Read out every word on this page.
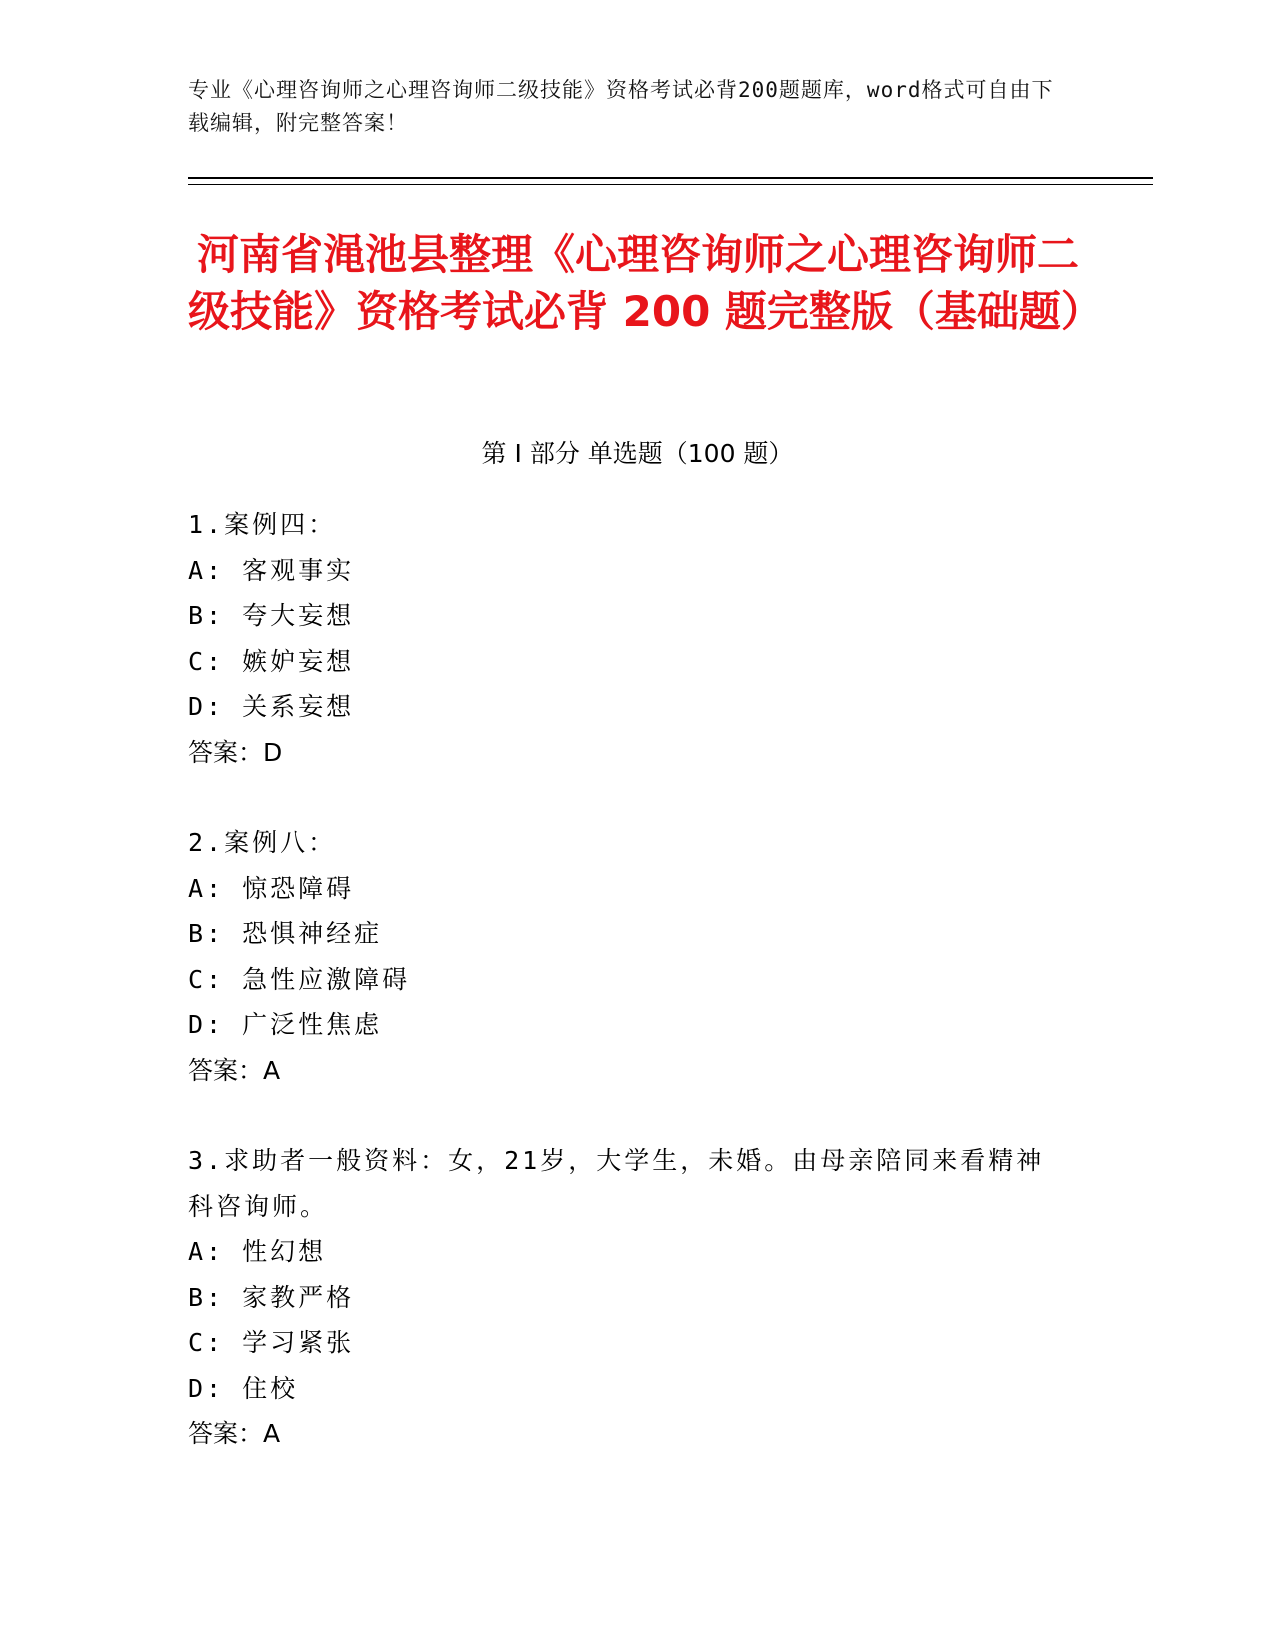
专业《心理咨询师之心理咨询师二级技能》资格考试必背200题题库，word格式可自由下载编辑，附完整答案！
河南省渑池县整理《心理咨询师之心理咨询师二级技能》资格考试必背 200 题完整版（基础题）
第 I 部分 单选题（100 题）

1.案例四：

A: 客观事实

B: 夸大妄想

C: 嫉妒妄想

D: 关系妄想

答案：D

2.案例八：

A: 惊恐障碍

B: 恐惧神经症

C: 急性应激障碍

D: 广泛性焦虑

答案：A

3.求助者一般资料：女，21岁，大学生，未婚。由母亲陪同来看精神科咨询师。

A: 性幻想

B: 家教严格

C: 学习紧张

D: 住校

答案：A
